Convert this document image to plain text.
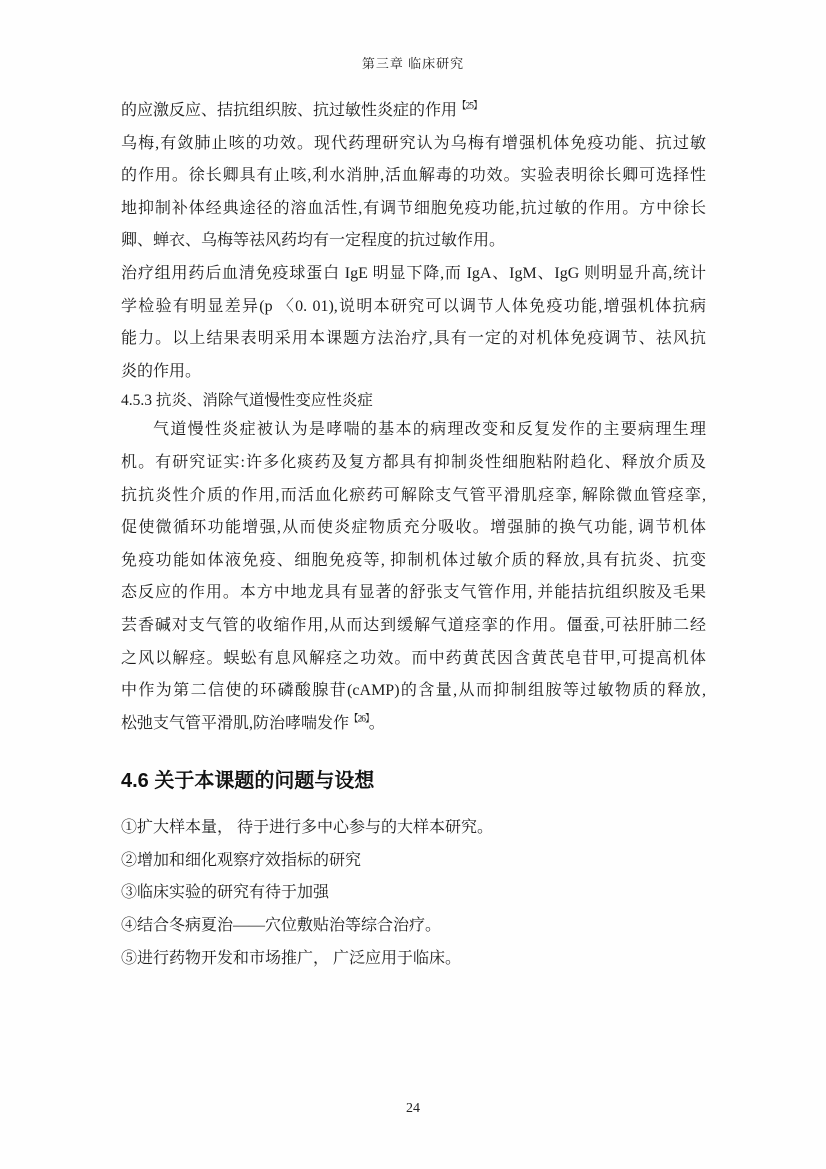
第三章 临床研究
的应激反应、拮抗组织胺、抗过敏性炎症的作用$^{【25】}$
乌梅,有敛肺止咳的功效。现代药理研究认为乌梅有增强机体免疫功能、抗过敏
的作用。徐长卿具有止咳,利水消肿,活血解毒的功效。实验表明徐长卿可选择性
地抑制补体经典途径的溶血活性,有调节细胞免疫功能,抗过敏的作用。方中徐长
卿、蝉衣、乌梅等祛风药均有一定程度的抗过敏作用。
治疗组用药后血清免疫球蛋白 IgE 明显下降,而 IgA、IgM、IgG 则明显升高,统计
学检验有明显差异(p 〈0. 01),说明本研究可以调节人体免疫功能,增强机体抗病
能力。以上结果表明采用本课题方法治疗,具有一定的对机体免疫调节、祛风抗
炎的作用。
4.5.3 抗炎、消除气道慢性变应性炎症
气道慢性炎症被认为是哮喘的基本的病理改变和反复发作的主要病理生理
机。有研究证实:许多化痰药及复方都具有抑制炎性细胞粘附趋化、释放介质及
抗抗炎性介质的作用,而活血化瘀药可解除支气管平滑肌痉挛, 解除微血管痉挛,
促使微循环功能增强,从而使炎症物质充分吸收。增强肺的换气功能, 调节机体
免疫功能如体液免疫、细胞免疫等, 抑制机体过敏介质的释放,具有抗炎、抗变
态反应的作用。本方中地龙具有显著的舒张支气管作用, 并能拮抗组织胺及毛果
芸香碱对支气管的收缩作用,从而达到缓解气道痉挛的作用。僵蚕,可祛肝肺二经
之风以解痉。蜈蚣有息风解痉之功效。而中药黄芪因含黄芪皂苷甲,可提高机体
中作为第二信使的环磷酸腺苷(cAMP)的含量,从而抑制组胺等过敏物质的释放,
松弛支气管平滑肌,防治哮喘发作$^{【26】}$。
4.6 关于本课题的问题与设想
①扩大样本量， 待于进行多中心参与的大样本研究。
②增加和细化观察疗效指标的研究
③临床实验的研究有待于加强
④结合冬病夏治——穴位敷贴治等综合治疗。
⑤进行药物开发和市场推广， 广泛应用于临床。
24
